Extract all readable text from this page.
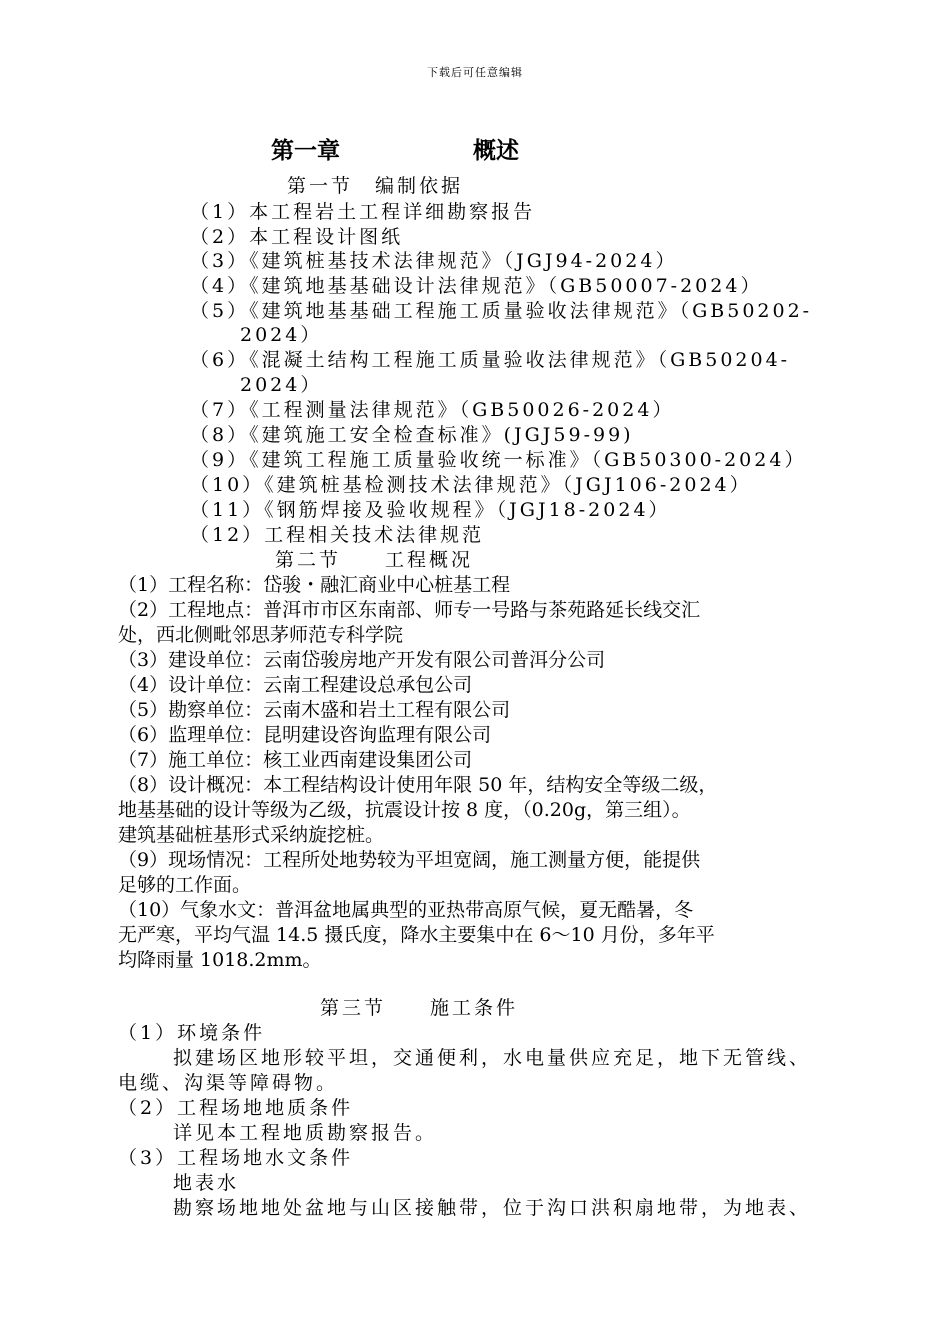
下载后可任意编辑
第一章	概述
第一节　编制依据
（1）本工程岩土工程详细勘察报告
（2）本工程设计图纸
（3）《建筑桩基技术法律规范》（JGJ94-2024）
（4）《建筑地基基础设计法律规范》（GB50007-2024）
（5）《建筑地基基础工程施工质量验收法律规范》（GB50202-
2024）
（6）《混凝土结构工程施工质量验收法律规范》（GB50204-
2024）
（7）《工程测量法律规范》（GB50026-2024）
（8）《建筑施工安全检查标准》(JGJ59-99)
（9）《建筑工程施工质量验收统一标准》（GB50300-2024）
（10）《建筑桩基检测技术法律规范》（JGJ106-2024）
（11）《钢筋焊接及验收规程》（JGJ18-2024）
（12）工程相关技术法律规范
第二节　　工程概况
（1）工程名称：岱骏・融汇商业中心桩基工程
（2）工程地点：普洱市市区东南部、师专一号路与茶苑路延长线交汇
处，西北侧毗邻思茅师范专科学院
（3）建设单位：云南岱骏房地产开发有限公司普洱分公司
（4）设计单位：云南工程建设总承包公司
（5）勘察单位：云南木盛和岩土工程有限公司
（6）监理单位：昆明建设咨询监理有限公司
（7）施工单位：核工业西南建设集团公司
（8）设计概况：本工程结构设计使用年限 50 年，结构安全等级二级，
地基基础的设计等级为乙级，抗震设计按 8 度，（0.20g，第三组）。
建筑基础桩基形式采纳旋挖桩。
（9）现场情况：工程所处地势较为平坦宽阔，施工测量方便，能提供
足够的工作面。
（10）气象水文：普洱盆地属典型的亚热带高原气候，夏无酷暑，冬
无严寒，平均气温 14.5 摄氏度，降水主要集中在 6～10 月份，多年平
均降雨量 1018.2mm。
第三节　　施工条件
（1）环境条件
拟建场区地形较平坦，交通便利，水电量供应充足，地下无管线、
电缆、沟渠等障碍物。
（2）工程场地地质条件
详见本工程地质勘察报告。
（3）工程场地水文条件
地表水
勘察场地地处盆地与山区接触带，位于沟口洪积扇地带，为地表、
